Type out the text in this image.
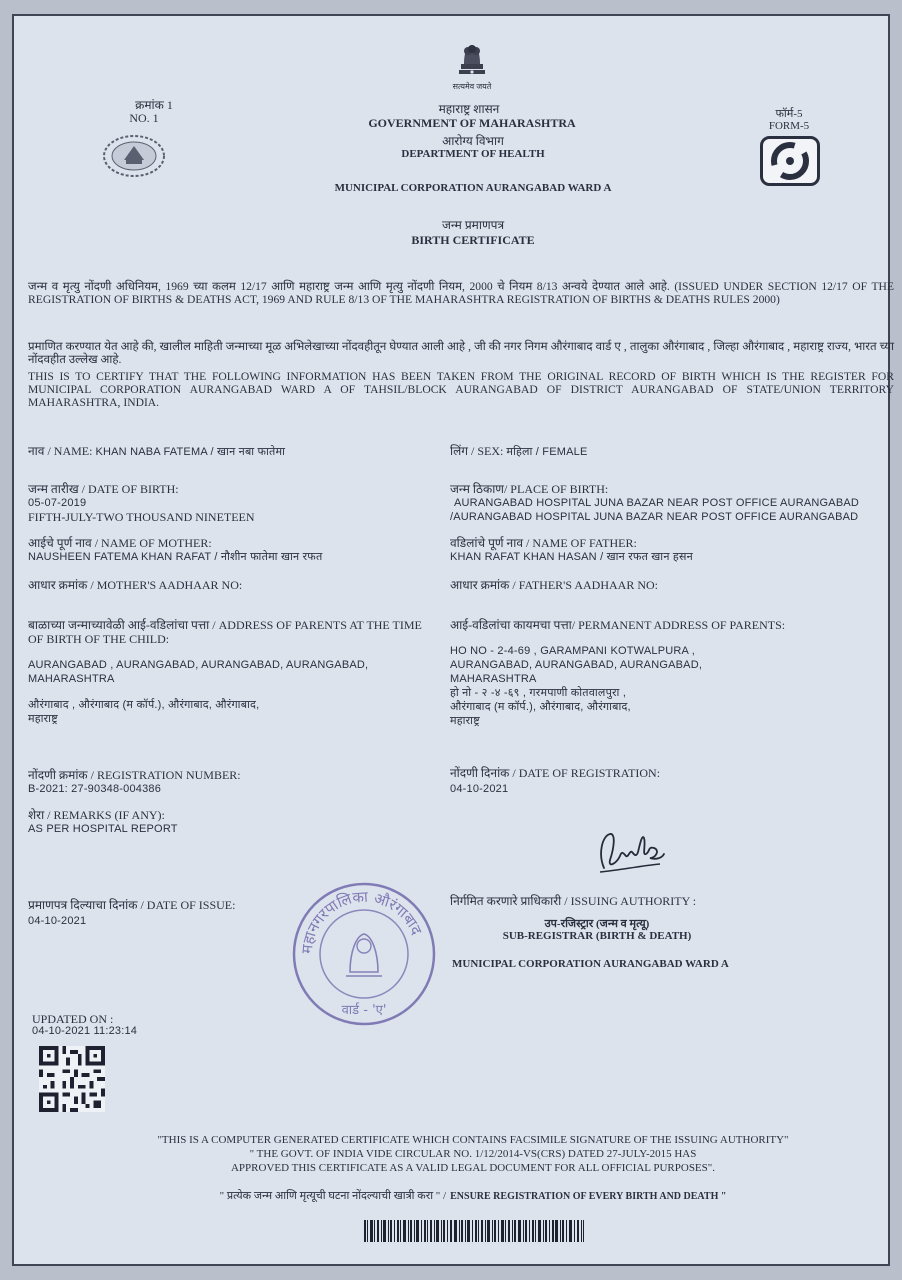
सत्यमेव जयते
क्रमांक 1
NO. 1	फॉर्म-5
FORM-5
महाराष्ट्र शासन
GOVERNMENT OF MAHARASHTRA
आरोग्य विभाग
DEPARTMENT OF HEALTH
MUNICIPAL CORPORATION AURANGABAD WARD A
जन्म प्रमाणपत्र
BIRTH CERTIFICATE
जन्म व मृत्यु नोंदणी अधिनियम, 1969 च्या कलम 12/17 आणि महाराष्ट्र जन्म आणि मृत्यु नोंदणी नियम, 2000 चे नियम 8/13 अन्वये देण्यात आले आहे. (ISSUED UNDER SECTION 12/17 OF THE REGISTRATION OF BIRTHS & DEATHS ACT, 1969 AND RULE 8/13 OF THE MAHARASHTRA REGISTRATION OF BIRTHS & DEATHS RULES 2000)
प्रमाणित करण्यात येत आहे की, खालील माहिती जन्माच्या मूळ अभिलेखाच्या नोंदवहीतून घेण्यात आली आहे , जी की नगर निगम औरंगाबाद वार्ड ए , तालुका औरंगाबाद , जिल्हा औरंगाबाद , महाराष्ट्र राज्य, भारत च्या नोंदवहीत उल्लेख आहे.
THIS IS TO CERTIFY THAT THE FOLLOWING INFORMATION HAS BEEN TAKEN FROM THE ORIGINAL RECORD OF BIRTH WHICH IS THE REGISTER FOR MUNICIPAL CORPORATION AURANGABAD WARD A OF TAHSIL/BLOCK AURANGABAD OF DISTRICT AURANGABAD OF STATE/UNION TERRITORY MAHARASHTRA, INDIA.
नाव / NAME: KHAN NABA FATEMA / खान नबा फातेमा	लिंग / SEX: महिला / FEMALE
जन्म तारीख / DATE OF BIRTH:
05-07-2019
FIFTH-JULY-TWO THOUSAND NINETEEN
जन्म ठिकाण/ PLACE OF BIRTH:
AURANGABAD HOSPITAL JUNA BAZAR NEAR POST OFFICE AURANGABAD
/AURANGABAD HOSPITAL JUNA BAZAR NEAR POST OFFICE AURANGABAD
आईचे पूर्ण नाव / NAME OF MOTHER:
NAUSHEEN FATEMA KHAN RAFAT / नौशीन फातेमा खान रफत
वडिलांचे पूर्ण नाव / NAME OF FATHER:
KHAN RAFAT KHAN HASAN / खान रफत खान हसन
आधार क्रमांक / MOTHER'S AADHAAR NO:	आधार क्रमांक / FATHER'S AADHAAR NO:
बाळाच्या जन्माच्यावेळी आई-वडिलांचा पत्ता / ADDRESS OF PARENTS AT THE TIME OF BIRTH OF THE CHILD:
AURANGABAD , AURANGABAD, AURANGABAD, AURANGABAD,
MAHARASHTRA
औरंगाबाद , औरंगाबाद (म कॉर्प.), औरंगाबाद, औरंगाबाद,
महाराष्ट्र
आई-वडिलांचा कायमचा पत्ता/ PERMANENT ADDRESS OF PARENTS:
HO NO - 2-4-69 , GARAMPANI KOTWALPURA ,
AURANGABAD, AURANGABAD, AURANGABAD,
MAHARASHTRA
हो नो - २ -४ -६९ , गरमपाणी कोतवालपुरा ,
औरंगाबाद (म कॉर्प.), औरंगाबाद, औरंगाबाद,
महाराष्ट्र
नोंदणी क्रमांक / REGISTRATION NUMBER:
B-2021: 27-90348-004386
नोंदणी दिनांक / DATE OF REGISTRATION:
04-10-2021
शेरा / REMARKS (IF ANY):
AS PER HOSPITAL REPORT
प्रमाणपत्र दिल्याचा दिनांक / DATE OF ISSUE:
04-10-2021
महानगरपालिका औरंगाबाद
वार्ड - 'ए'
निर्गमित करणारे प्राधिकारी / ISSUING AUTHORITY :
उप-रजिस्ट्रार (जन्म व मृत्यू)
SUB-REGISTRAR (BIRTH & DEATH)
MUNICIPAL CORPORATION AURANGABAD WARD A
UPDATED ON :
04-10-2021 11:23:14
"THIS IS A COMPUTER GENERATED CERTIFICATE WHICH CONTAINS FACSIMILE SIGNATURE OF THE ISSUING AUTHORITY"
" THE GOVT. OF INDIA VIDE CIRCULAR NO. 1/12/2014-VS(CRS) DATED 27-JULY-2015 HAS
APPROVED THIS CERTIFICATE AS A VALID LEGAL DOCUMENT FOR ALL OFFICIAL PURPOSES".
" प्रत्येक जन्म आणि मृत्यूची घटना नोंदल्याची खात्री करा " / ENSURE REGISTRATION OF EVERY BIRTH AND DEATH "
